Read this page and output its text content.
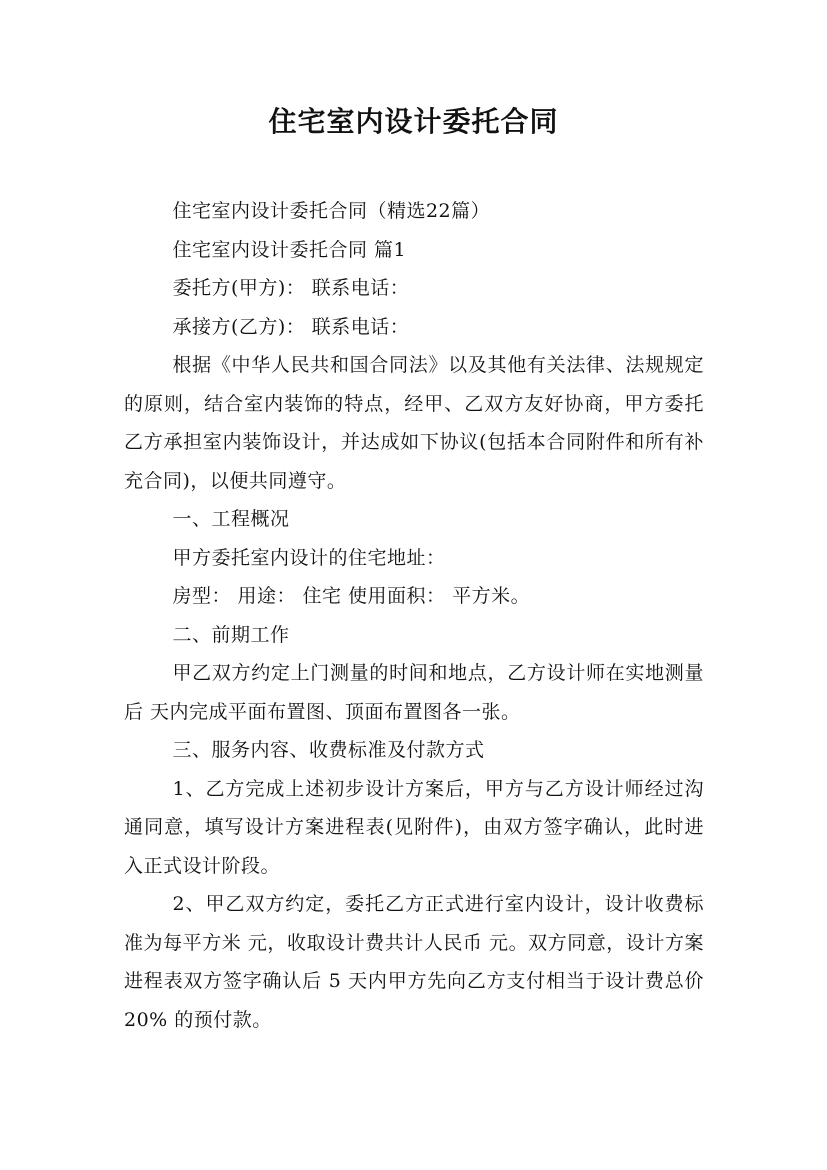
住宅室内设计委托合同

住宅室内设计委托合同（精选22篇）

住宅室内设计委托合同 篇1

委托方(甲方)： 联系电话：

承接方(乙方)： 联系电话：

根据《中华人民共和国合同法》以及其他有关法律、法规规定的原则，结合室内装饰的特点，经甲、乙双方友好协商，甲方委托乙方承担室内装饰设计，并达成如下协议(包括本合同附件和所有补充合同)，以便共同遵守。

一、工程概况

甲方委托室内设计的住宅地址：

房型： 用途： 住宅 使用面积： 平方米。

二、前期工作

甲乙双方约定上门测量的时间和地点，乙方设计师在实地测量后 天内完成平面布置图、顶面布置图各一张。

三、服务内容、收费标准及付款方式

1、乙方完成上述初步设计方案后，甲方与乙方设计师经过沟通同意，填写设计方案进程表(见附件)，由双方签字确认，此时进入正式设计阶段。

2、甲乙双方约定，委托乙方正式进行室内设计，设计收费标准为每平方米 元，收取设计费共计人民币 元。双方同意，设计方案进程表双方签字确认后 5 天内甲方先向乙方支付相当于设计费总价 20% 的预付款。
